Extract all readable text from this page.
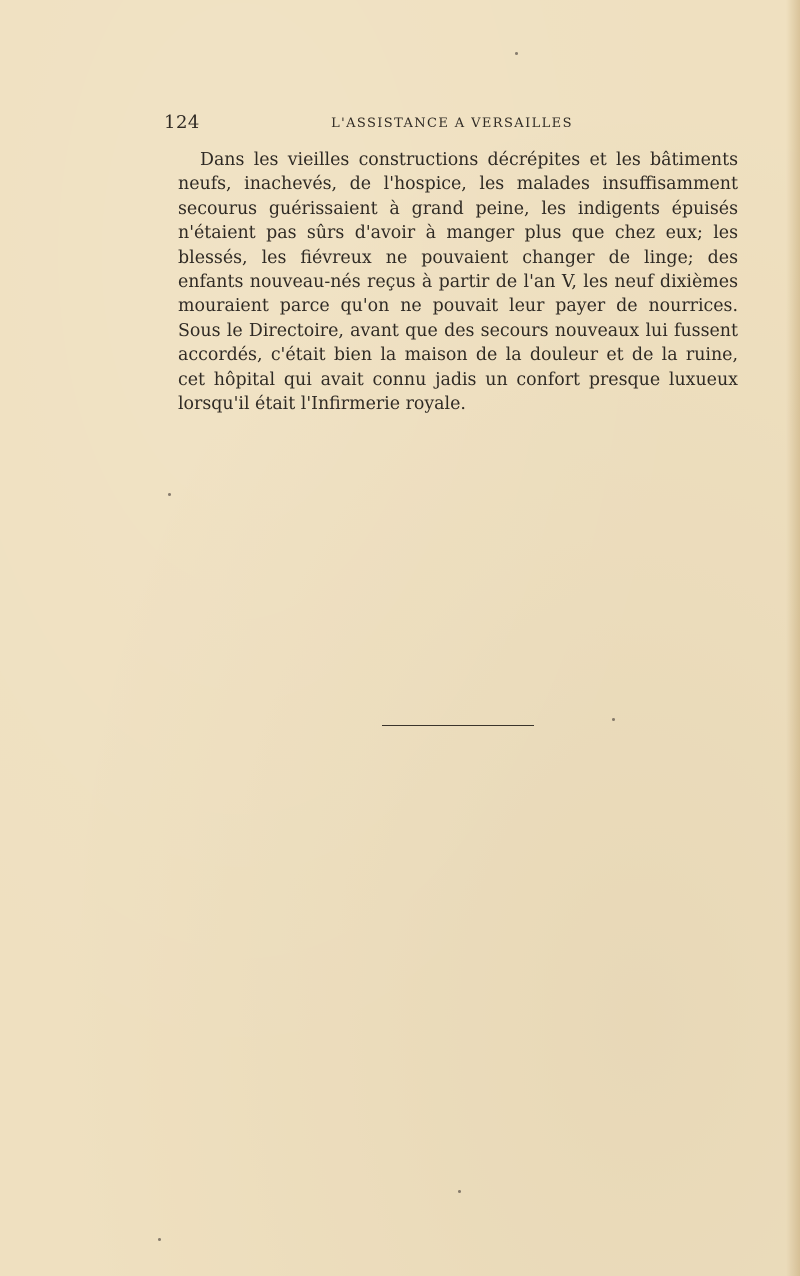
124	L'ASSISTANCE A VERSAILLES

Dans les vieilles constructions décrépites et les bâtiments neufs, inachevés, de l'hospice, les malades insuffisamment secourus guérissaient à grand peine, les indigents épuisés n'étaient pas sûrs d'avoir à manger plus que chez eux; les blessés, les fiévreux ne pouvaient changer de linge; des enfants nouveau-nés reçus à partir de l'an V, les neuf dixièmes mouraient parce qu'on ne pouvait leur payer de nourrices. Sous le Directoire, avant que des secours nouveaux lui fussent accordés, c'était bien la maison de la douleur et de la ruine, cet hôpital qui avait connu jadis un confort presque luxueux lorsqu'il était l'Infirmerie royale.
